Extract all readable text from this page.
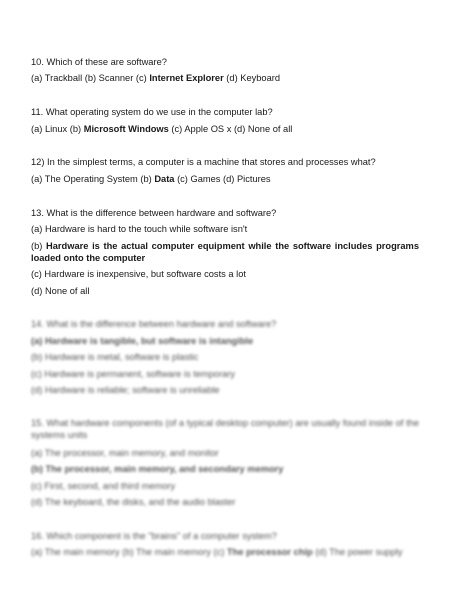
10. Which of these are software?
(a) Trackball (b) Scanner (c) Internet Explorer (d) Keyboard
11. What operating system do we use in the computer lab?
(a) Linux (b) Microsoft Windows (c) Apple OS x (d) None of all
12) In the simplest terms, a computer is a machine that stores and processes what?
(a) The Operating System (b) Data (c) Games (d) Pictures
13. What is the difference between hardware and software?
(a) Hardware is hard to the touch while software isn't
(b) Hardware is the actual computer equipment while the software includes programs loaded onto the computer
(c) Hardware is inexpensive, but software costs a lot
(d) None of all
14. What is the difference between hardware and software?
(a) Hardware is tangible, but software is intangible
(b) Hardware is metal, software is plastic
(c) Hardware is permanent, software is temporary
(d) Hardware is reliable; software is unreliable
15. What hardware components (of a typical desktop computer) are usually found inside of the systems units
(a) The processor, main memory, and monitor
(b) The processor, main memory, and secondary memory
(c) First, second, and third memory
(d) The keyboard, the disks, and the audio blaster
16. Which component is the "brains" of a computer system?
(a) The main memory (b) The main memory (c) The processor chip (d) The power supply
